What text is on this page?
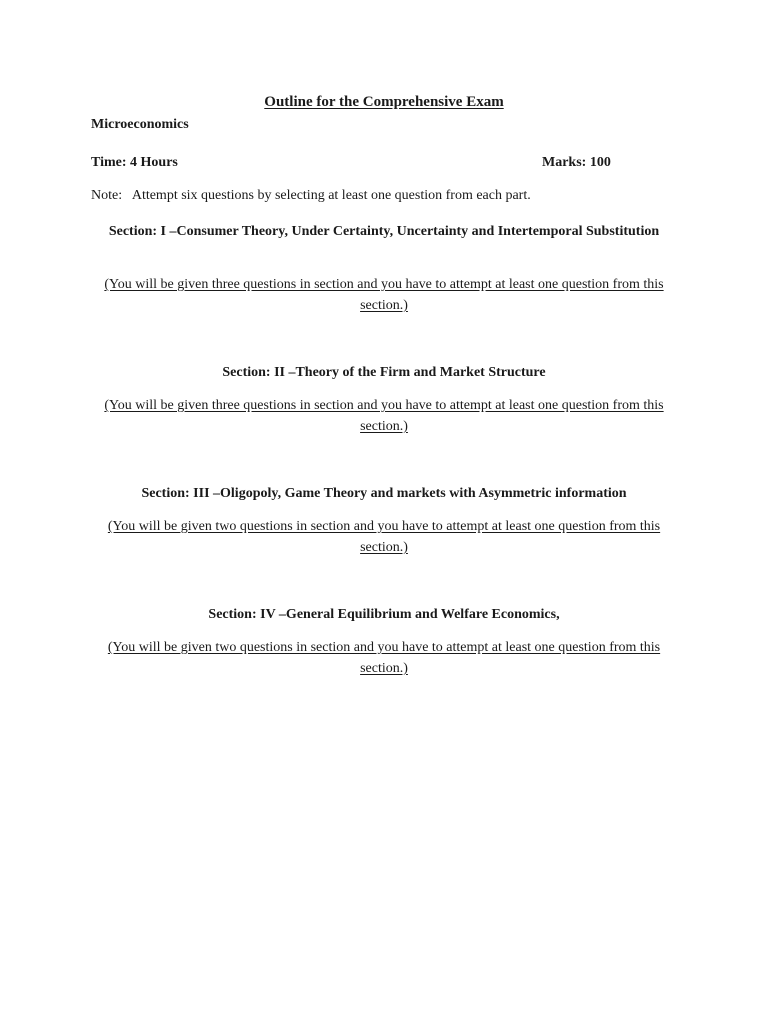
Outline for the Comprehensive Exam
Microeconomics
Time: 4 Hours	Marks: 100
Note:   Attempt six questions by selecting at least one question from each part.
Section: I –Consumer Theory, Under Certainty, Uncertainty and Intertemporal Substitution
(You will be given three questions in section and you have to attempt at least one question from this section.)
Section: II –Theory of the Firm and Market Structure
(You will be given three questions in section and you have to attempt at least one question from this section.)
Section: III –Oligopoly, Game Theory and markets with Asymmetric information
(You will be given two questions in section and you have to attempt at least one question from this section.)
Section: IV –General Equilibrium and Welfare Economics,
(You will be given two questions in section and you have to attempt at least one question from this section.)
